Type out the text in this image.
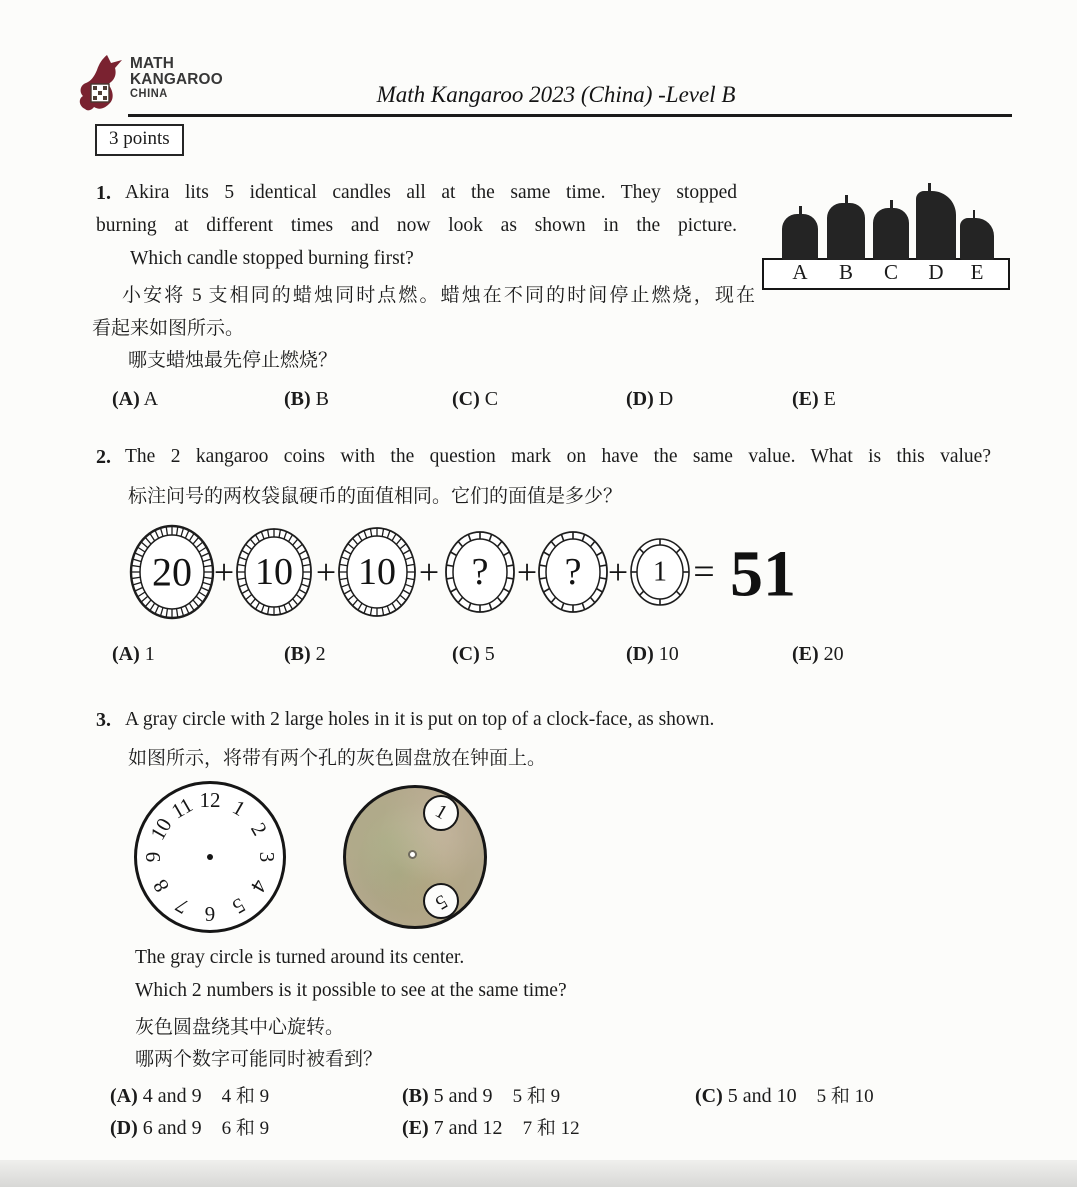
MATH
KANGAROO
CHINA	Math Kangaroo 2023 (China) -Level B
3 points
1. Akira lits 5 identical candles all at the same time. They stopped
burning at different times and now look as shown in the picture.
Which candle stopped burning first?
小安将 5 支相同的蜡烛同时点燃。蜡烛在不同的时间停止燃烧，现在
看起来如图所示。
哪支蜡烛最先停止燃烧？
A B C D E
(A) A	(B) B	(C) C	(D) D	(E) E
2. The 2 kangaroo coins with the question mark on have the same value. What is this value?
标注问号的两枚袋鼠硬币的面值相同。它们的面值是多少？
20 10 10 ? ?	1
+ + + + + = 51
(A) 1	(B) 2	(C) 5	(D) 10	(E) 20
3. A gray circle with 2 large holes in it is put on top of a clock-face, as shown.
如图所示，将带有两个孔的灰色圆盘放在钟面上。
1
2
3
4
5
6
7
8
9
10
11 12
1
5
The gray circle is turned around its center.
Which 2 numbers is it possible to see at the same time?
灰色圆盘绕其中心旋转。
哪两个数字可能同时被看到？
(A) 4 and 9 4 和 9	(B) 5 and 9 5 和 9	(C) 5 and 10 5 和 10
(D) 6 and 9 6 和 9	(E) 7 and 12 7 和 12
